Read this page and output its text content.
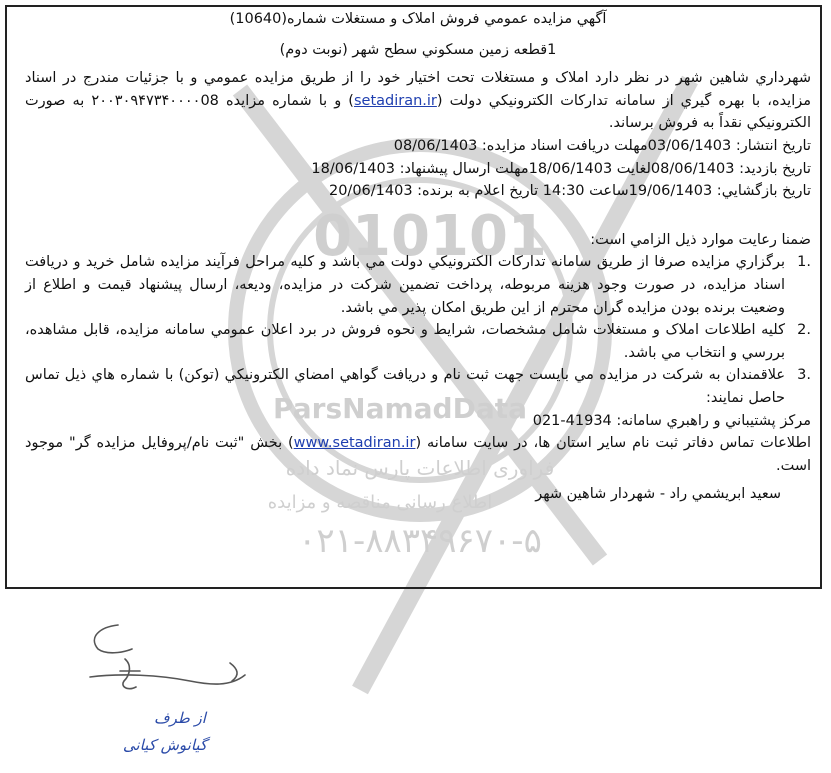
010101
ParsNamadData
فراوری اطلاعات پارس نماد داده
اطلاع رسانی مناقصه و مزایده
۰۲۱-۸۸۳۴۹۶۷۰-۵

آگهي مزايده عمومي فروش املاک و مستغلات شماره(10640)

1قطعه زمين مسکوني سطح شهر (نوبت دوم)

شهرداري شاهين شهر در نظر دارد املاک و مستغلات تحت اختيار خود را از طريق مزايده عمومي و با جزئيات مندرج در اسناد مزايده، با بهره گيري از سامانه تدارکات الکترونيکي دولت (setadiran.ir) و با شماره مزايده ۲۰۰۳۰۹۴۷۳۴۰۰۰۰08 به صورت الکترونيکي نقداً به فروش برساند.

تاريخ انتشار: 03/06/1403مهلت دريافت اسناد مزايده: 08/06/1403

تاريخ بازديد: 08/06/1403لغايت 18/06/1403مهلت ارسال پيشنهاد: 18/06/1403

تاريخ بازگشايي: 19/06/1403ساعت 14:30 تاريخ اعلام به برنده: 20/06/1403

ضمنا رعايت موارد ذيل الزامي است:

1.
برگزاري مزايده صرفا از طريق سامانه تدارکات الکترونيکي دولت مي باشد و کليه مراحل فرآيند مزايده شامل خريد و دريافت اسناد مزايده، در صورت وجود هزينه مربوطه، پرداخت تضمين شرکت در مزايده، وديعه، ارسال پيشنهاد قيمت و اطلاع از وضعيت برنده بودن مزايده گران محترم از اين طريق امکان پذير مي باشد.
2.
کليه اطلاعات املاک و مستغلات شامل مشخصات، شرايط و نحوه فروش در برد اعلان عمومي سامانه مزايده، قابل مشاهده، بررسي و انتخاب مي باشد.
3.
علاقمندان به شرکت در مزايده مي بايست جهت ثبت نام و دريافت گواهي امضاي الکترونيکي (توکن) با شماره هاي ذيل تماس حاصل نمايند:

مرکز پشتيباني و راهبري سامانه: 021-41934

اطلاعات تماس دفاتر ثبت نام ساير استان ها، در سايت سامانه (www.setadiran.ir) بخش "ثبت نام/پروفايل مزايده گر" موجود است.

سعيد ابريشمي راد - شهردار شاهين شهر

از طرف
گیانوش کیانی
